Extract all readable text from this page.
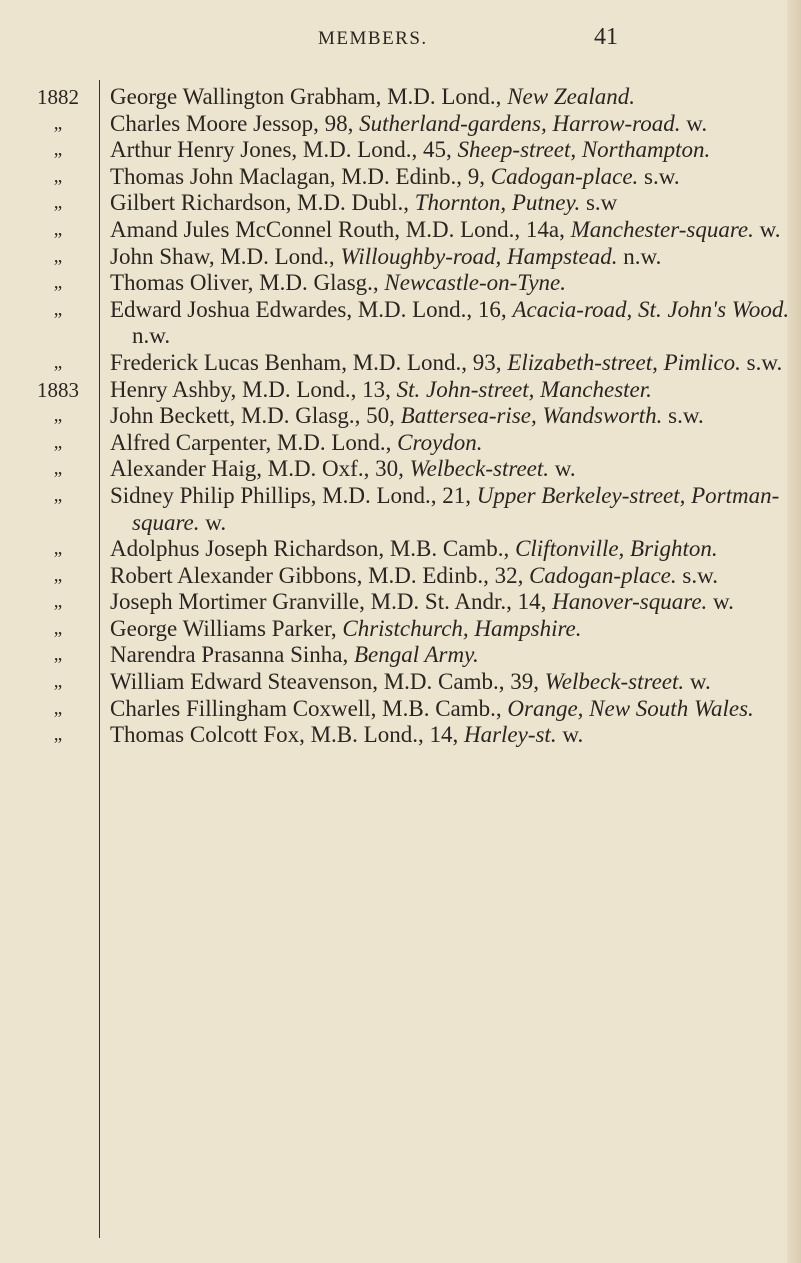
MEMBERS.	41
1882	George Wallington Grabham, M.D. Lond., New Zealand.
„	Charles Moore Jessop, 98, Sutherland-gardens, Harrow-road. w.
„	Arthur Henry Jones, M.D. Lond., 45, Sheep-street, Northampton.
„	Thomas John Maclagan, M.D. Edinb., 9, Cadogan-place. s.w.
„	Gilbert Richardson, M.D. Dubl., Thornton, Putney. s.w
„	Amand Jules McConnel Routh, M.D. Lond., 14a, Manchester-square. w.
„	John Shaw, M.D. Lond., Willoughby-road, Hampstead. n.w.
„	Thomas Oliver, M.D. Glasg., Newcastle-on-Tyne.
„	Edward Joshua Edwardes, M.D. Lond., 16, Acacia-road, St. John's Wood. n.w.
„	Frederick Lucas Benham, M.D. Lond., 93, Elizabeth-street, Pimlico. s.w.
1883	Henry Ashby, M.D. Lond., 13, St. John-street, Manchester.
„	John Beckett, M.D. Glasg., 50, Battersea-rise, Wandsworth. s.w.
„	Alfred Carpenter, M.D. Lond., Croydon.
„	Alexander Haig, M.D. Oxf., 30, Welbeck-street. w.
„	Sidney Philip Phillips, M.D. Lond., 21, Upper Berkeley-street, Portman-square. w.
„	Adolphus Joseph Richardson, M.B. Camb., Cliftonville, Brighton.
„	Robert Alexander Gibbons, M.D. Edinb., 32, Cadogan-place. s.w.
„	Joseph Mortimer Granville, M.D. St. Andr., 14, Hanover-square. w.
„	George Williams Parker, Christchurch, Hampshire.
„	Narendra Prasanna Sinha, Bengal Army.
„	William Edward Steavenson, M.D. Camb., 39, Welbeck-street. w.
„	Charles Fillingham Coxwell, M.B. Camb., Orange, New South Wales.
„	Thomas Colcott Fox, M.B. Lond., 14, Harley-st. w.
